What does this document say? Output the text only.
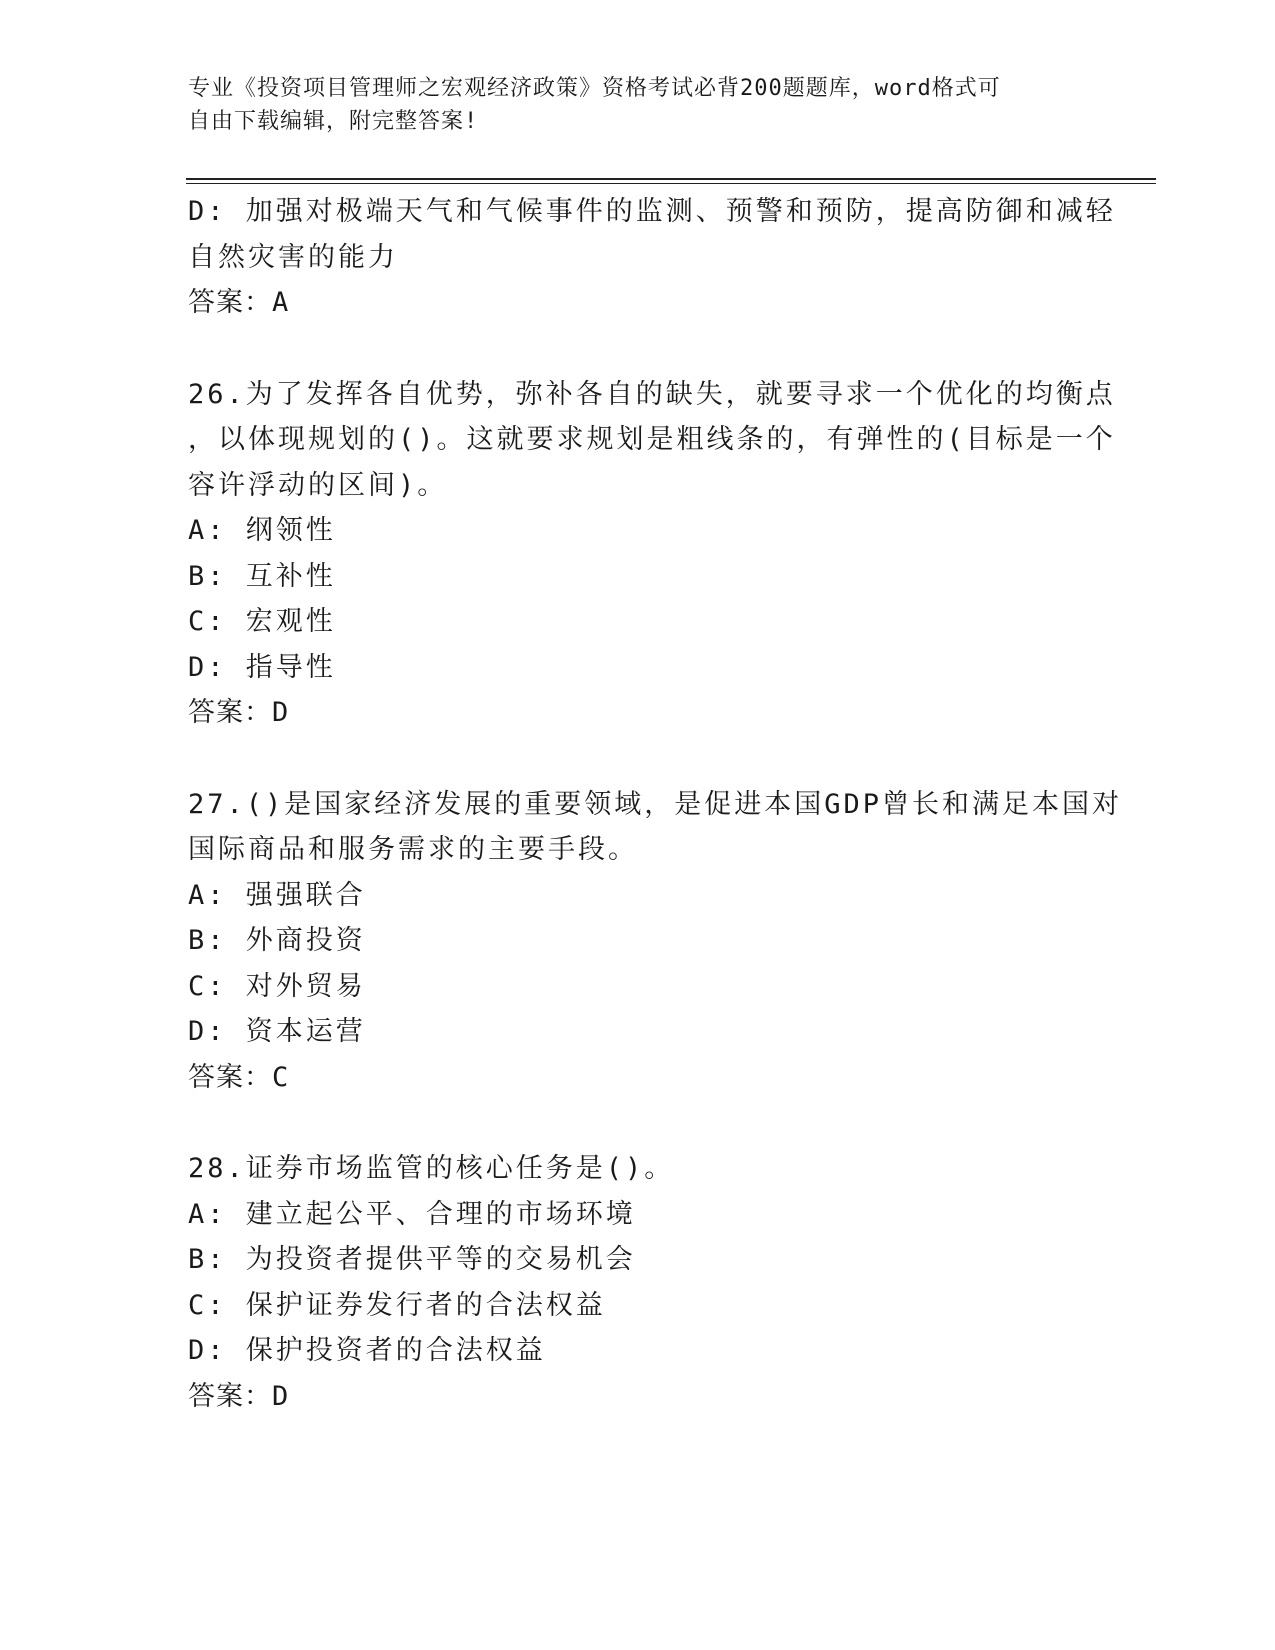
专业《投资项目管理师之宏观经济政策》资格考试必背200题题库，word格式可
自由下载编辑，附完整答案!
D: 加强对极端天气和气候事件的监测、预警和预防，提高防御和减轻
自然灾害的能力
答案：A
26.为了发挥各自优势，弥补各自的缺失，就要寻求一个优化的均衡点
，以体现规划的()。这就要求规划是粗线条的，有弹性的(目标是一个
容许浮动的区间)。
A: 纲领性
B: 互补性
C: 宏观性
D: 指导性
答案：D
27.()是国家经济发展的重要领域，是促进本国GDP曾长和满足本国对
国际商品和服务需求的主要手段。
A: 强强联合
B: 外商投资
C: 对外贸易
D: 资本运营
答案：C
28.证券市场监管的核心任务是()。
A: 建立起公平、合理的市场环境
B: 为投资者提供平等的交易机会
C: 保护证券发行者的合法权益
D: 保护投资者的合法权益
答案：D
